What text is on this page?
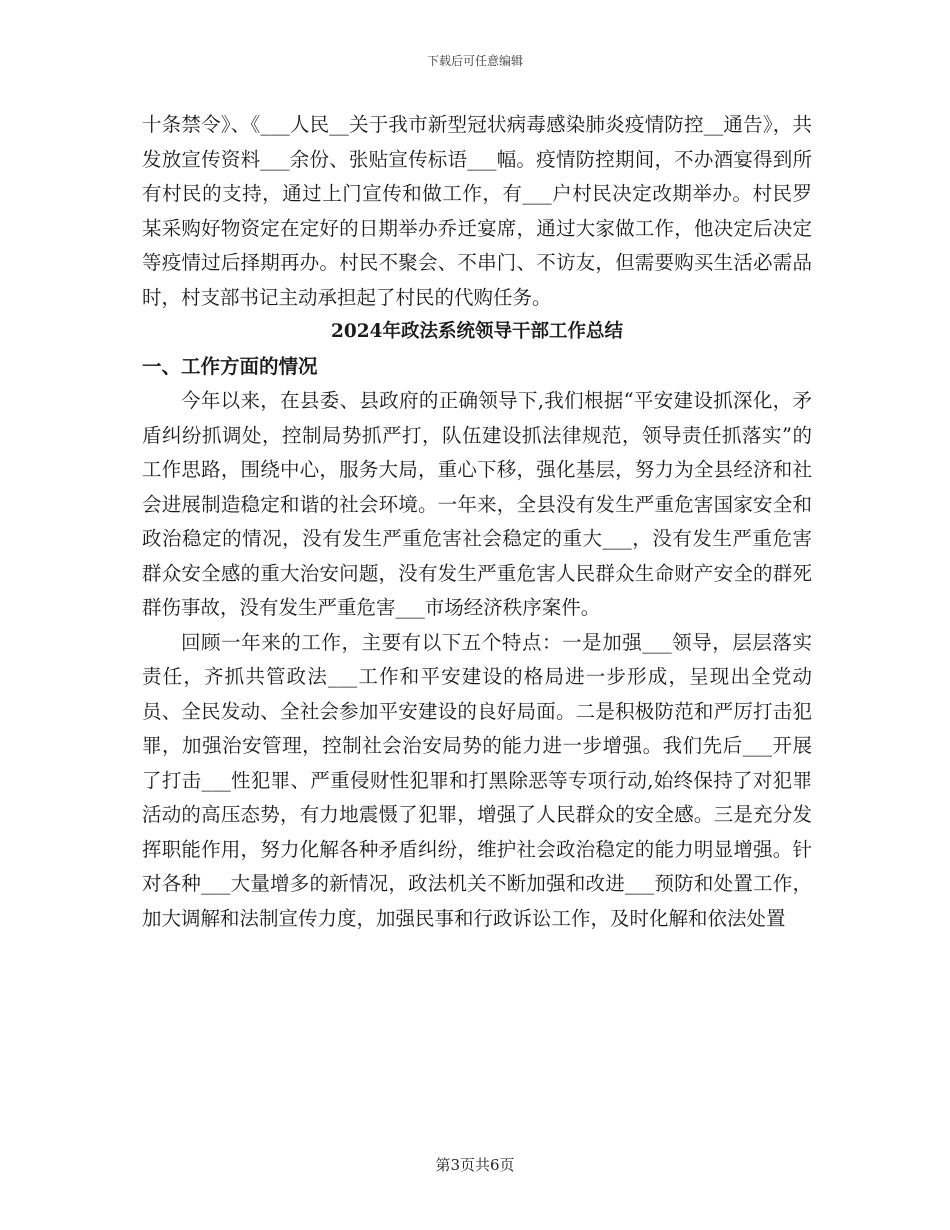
下载后可任意编辑

十条禁令》、《___人民__关于我市新型冠状病毒感染肺炎疫情防控__通告》，共发放宣传资料___余份、张贴宣传标语___幅。疫情防控期间，不办酒宴得到所有村民的支持，通过上门宣传和做工作，有___户村民决定改期举办。村民罗某采购好物资定在定好的日期举办乔迁宴席，通过大家做工作，他决定后决定等疫情过后择期再办。村民不聚会、不串门、不访友，但需要购买生活必需品时，村支部书记主动承担起了村民的代购任务。

2024年政法系统领导干部工作总结

一、工作方面的情况

今年以来，在县委、县政府的正确领导下,我们根据“平安建设抓深化，矛盾纠纷抓调处，控制局势抓严打，队伍建设抓法律规范，领导责任抓落实”的工作思路，围绕中心，服务大局，重心下移，强化基层，努力为全县经济和社会进展制造稳定和谐的社会环境。一年来，全县没有发生严重危害国家安全和政治稳定的情况，没有发生严重危害社会稳定的重大___，没有发生严重危害群众安全感的重大治安问题，没有发生严重危害人民群众生命财产安全的群死群伤事故，没有发生严重危害___市场经济秩序案件。

回顾一年来的工作，主要有以下五个特点：一是加强___领导，层层落实责任，齐抓共管政法___工作和平安建设的格局进一步形成，呈现出全党动员、全民发动、全社会参加平安建设的良好局面。二是积极防范和严厉打击犯罪，加强治安管理，控制社会治安局势的能力进一步增强。我们先后___开展了打击___性犯罪、严重侵财性犯罪和打黑除恶等专项行动,始终保持了对犯罪活动的高压态势，有力地震慑了犯罪，增强了人民群众的安全感。三是充分发挥职能作用，努力化解各种矛盾纠纷，维护社会政治稳定的能力明显增强。针对各种___大量增多的新情况，政法机关不断加强和改进___预防和处置工作，加大调解和法制宣传力度，加强民事和行政诉讼工作，及时化解和依法处置

第3页共6页
